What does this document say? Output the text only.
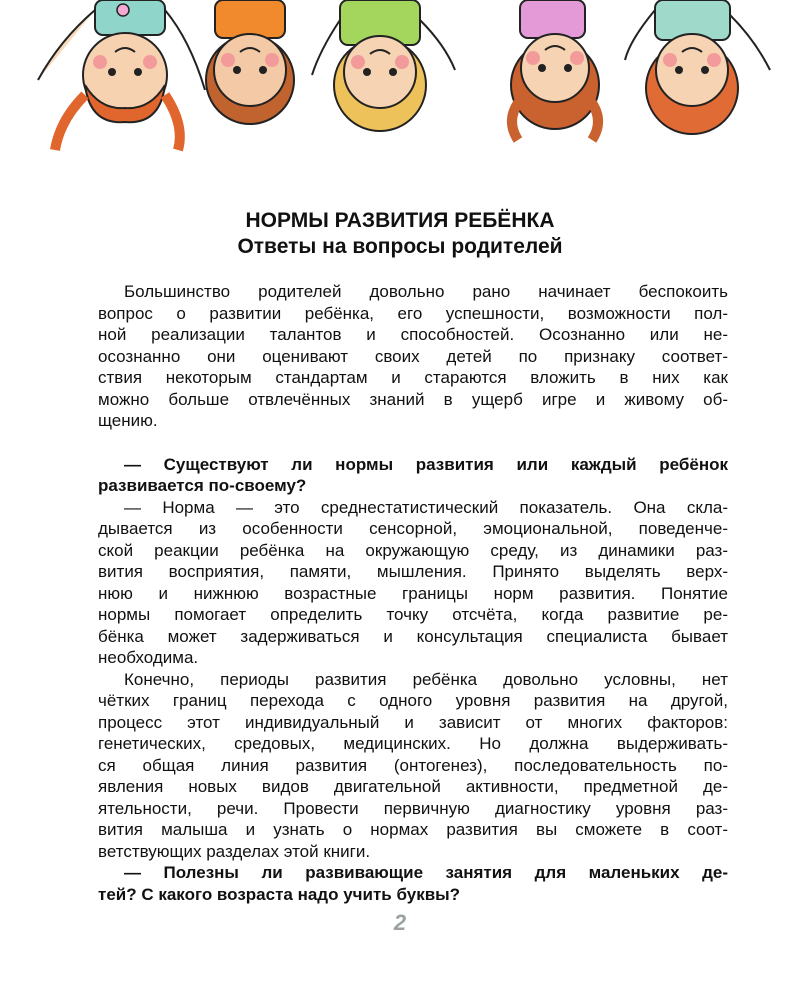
НОРМЫ РАЗВИТИЯ РЕБЁНКА
Ответы на вопросы родителей
Большинство родителей довольно рано начинает беспокоить
вопрос о развитии ребёнка, его успешности, возможности пол-
ной реализации талантов и способностей. Осознанно или не-
осознанно они оценивают своих детей по признаку соответ-
ствия некоторым стандартам и стараются вложить в них как
можно больше отвлечённых знаний в ущерб игре и живому об-
щению.
— Существуют ли нормы развития или каждый ребёнок
развивается по-своему?
— Норма — это среднестатистический показатель. Она скла-
дывается из особенности сенсорной, эмоциональной, поведенче-
ской реакции ребёнка на окружающую среду, из динамики раз-
вития восприятия, памяти, мышления. Принято выделять верх-
нюю и нижнюю возрастные границы норм развития. Понятие
нормы помогает определить точку отсчёта, когда развитие ре-
бёнка может задерживаться и консультация специалиста бывает
необходима.
Конечно, периоды развития ребёнка довольно условны, нет
чётких границ перехода с одного уровня развития на другой,
процесс этот индивидуальный и зависит от многих факторов:
генетических, средовых, медицинских. Но должна выдерживать-
ся общая линия развития (онтогенез), последовательность по-
явления новых видов двигательной активности, предметной де-
ятельности, речи. Провести первичную диагностику уровня раз-
вития малыша и узнать о нормах развития вы сможете в соот-
ветствующих разделах этой книги.
— Полезны ли развивающие занятия для маленьких де-
тей? С какого возраста надо учить буквы?
2
